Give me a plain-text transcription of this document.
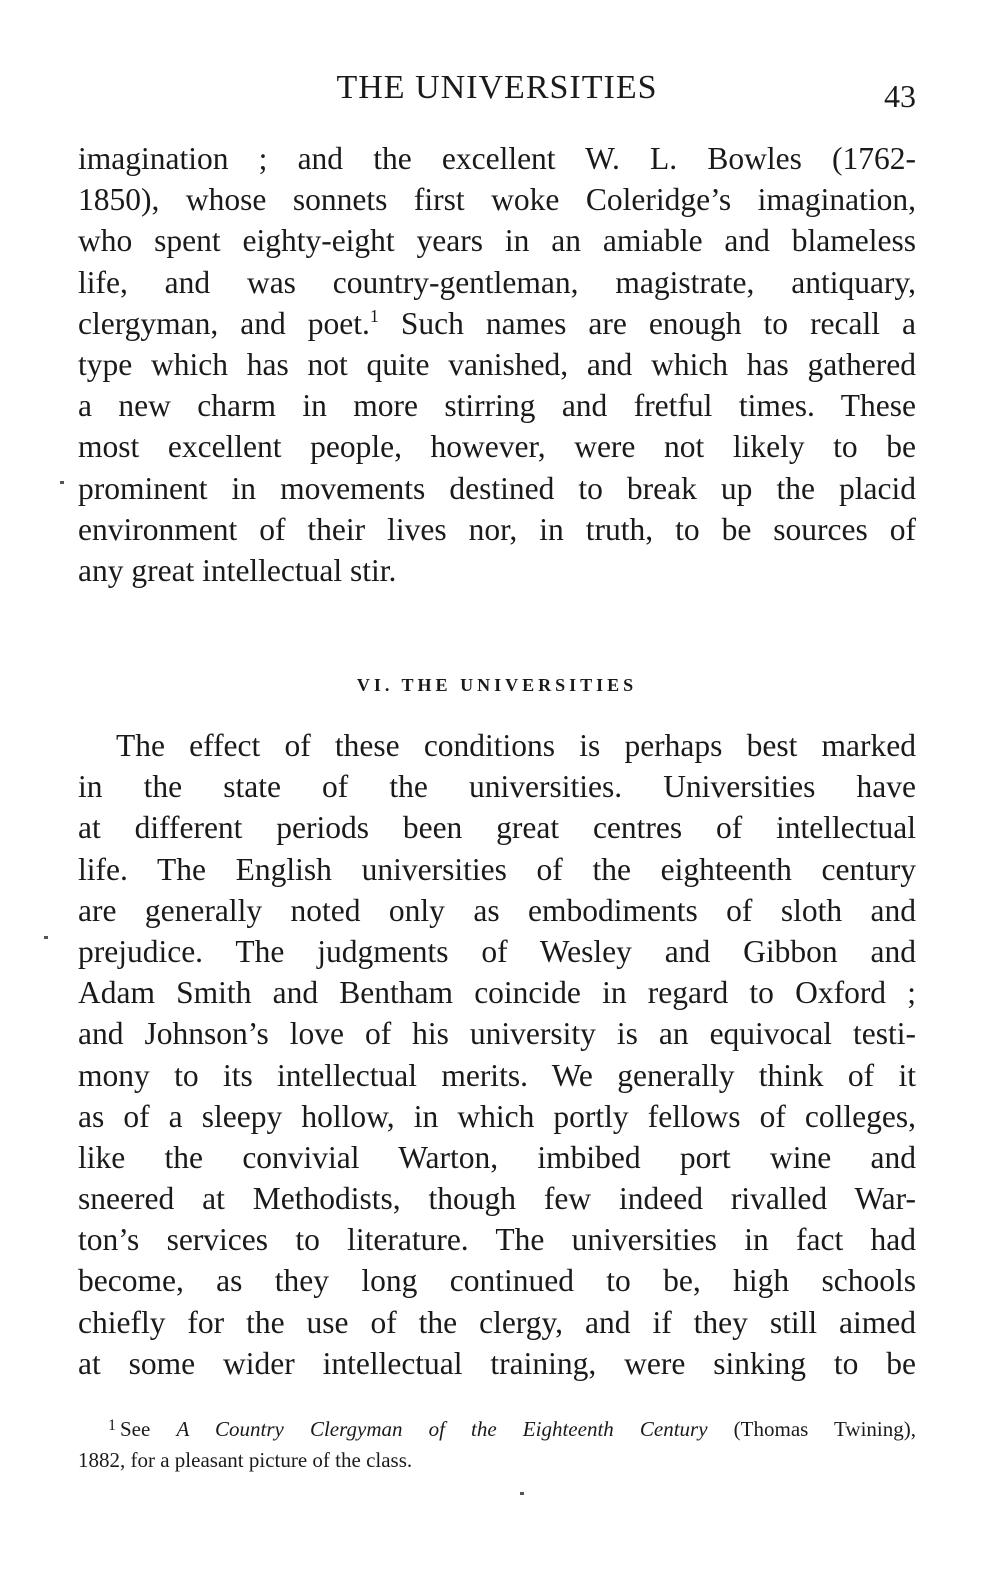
THE UNIVERSITIES	43
imagination ; and the excellent W. L. Bowles (1762-
1850), whose sonnets first woke Coleridge’s imagination,
who spent eighty-eight years in an amiable and blameless
life, and was country-gentleman, magistrate, antiquary,
clergyman, and poet.$^1$ Such names are enough to recall a
type which has not quite vanished, and which has gathered
a new charm in more stirring and fretful times. These
most excellent people, however, were not likely to be
prominent in movements destined to break up the placid
environment of their lives nor, in truth, to be sources of
any great intellectual stir.
VI. THE UNIVERSITIES
The effect of these conditions is perhaps best marked
in the state of the universities. Universities have
at different periods been great centres of intellectual
life. The English universities of the eighteenth century
are generally noted only as embodiments of sloth and
prejudice. The judgments of Wesley and Gibbon and
Adam Smith and Bentham coincide in regard to Oxford ;
and Johnson’s love of his university is an equivocal testi-
mony to its intellectual merits. We generally think of it
as of a sleepy hollow, in which portly fellows of colleges,
like the convivial Warton, imbibed port wine and
sneered at Methodists, though few indeed rivalled War-
ton’s services to literature. The universities in fact had
become, as they long continued to be, high schools
chiefly for the use of the clergy, and if they still aimed
at some wider intellectual training, were sinking to be
$^1$ See A Country Clergyman of the Eighteenth Century (Thomas Twining),
1882, for a pleasant picture of the class.
